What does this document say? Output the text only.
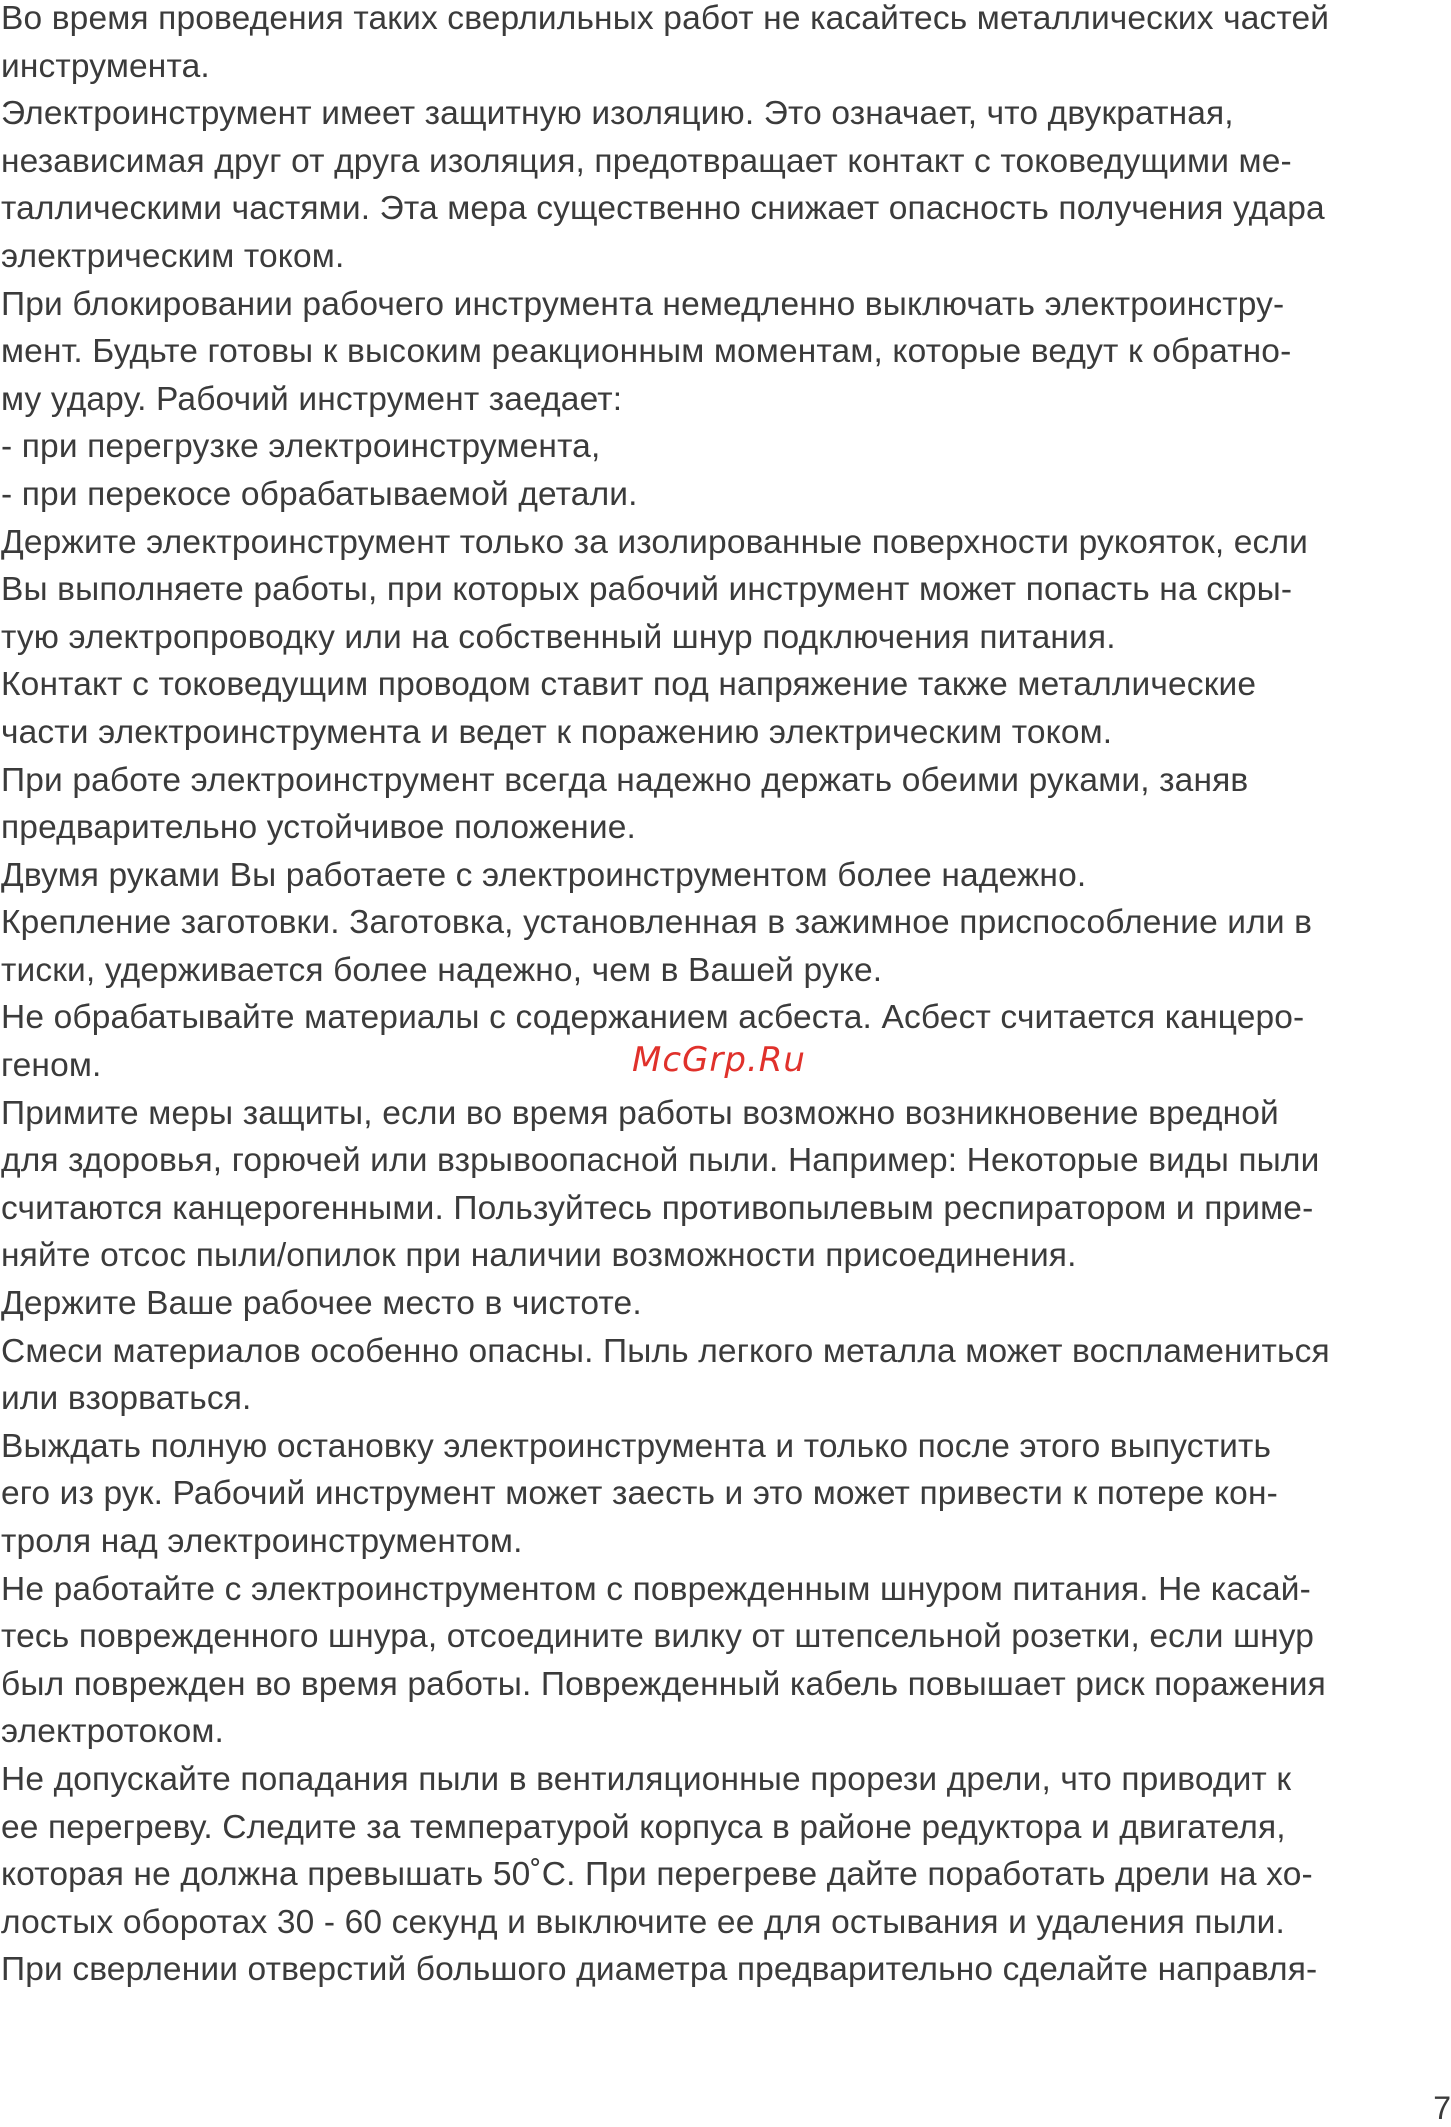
Во время проведения таких сверлильных работ не касайтесь металлических частей
инструмента.
Электроинструмент имеет защитную изоляцию. Это означает, что двукратная,
независимая друг от друга изоляция, предотвращает контакт с токоведущими ме-
таллическими частями. Эта мера существенно снижает опасность получения удара
электрическим током.
При блокировании рабочего инструмента немедленно выключать электроинстру-
мент. Будьте готовы к высоким реакционным моментам, которые ведут к обратно-
му удару. Рабочий инструмент заедает:
- при перегрузке электроинструмента,
- при перекосе обрабатываемой детали.
Держите электроинструмент только за изолированные поверхности рукояток, если
Вы выполняете работы, при которых рабочий инструмент может попасть на скры-
тую электропроводку или на собственный шнур подключения питания.
Контакт с токоведущим проводом ставит под напряжение также металлические
части электроинструмента и ведет к поражению электрическим током.
При работе электроинструмент всегда надежно держать обеими руками, заняв
предварительно устойчивое положение.
Двумя руками Вы работаете с электроинструментом более надежно.
Крепление заготовки. Заготовка, установленная в зажимное приспособление или в
тиски, удерживается более надежно, чем в Вашей руке.
Не обрабатывайте материалы с содержанием асбеста. Асбест считается канцеро-
геном.
Примите меры защиты, если во время работы возможно возникновение вредной
для здоровья, горючей или взрывоопасной пыли. Например: Некоторые виды пыли
считаются канцерогенными. Пользуйтесь противопылевым респиратором и приме-
няйте отсос пыли/опилок при наличии возможности присоединения.
Держите Ваше рабочее место в чистоте.
Смеси материалов особенно опасны. Пыль легкого металла может воспламениться
или взорваться.
Выждать полную остановку электроинструмента и только после этого выпустить
его из рук. Рабочий инструмент может заесть и это может привести к потере кон-
троля над электроинструментом.
Не работайте с электроинструментом с поврежденным шнуром питания. Не касай-
тесь поврежденного шнура, отсоедините вилку от штепсельной розетки, если шнур
был поврежден во время работы. Поврежденный кабель повышает риск поражения
электротоком.
Не допускайте попадания пыли в вентиляционные прорези дрели, что приводит к
ее перегреву. Следите за температурой корпуса в районе редуктора и двигателя,
которая не должна превышать 50˚С. При перегреве дайте поработать дрели на хо-
лостых оборотах 30 - 60 секунд и выключите ее для остывания и удаления пыли.
При сверлении отверстий большого диаметра предварительно сделайте направля-
McGrp.Ru
7
